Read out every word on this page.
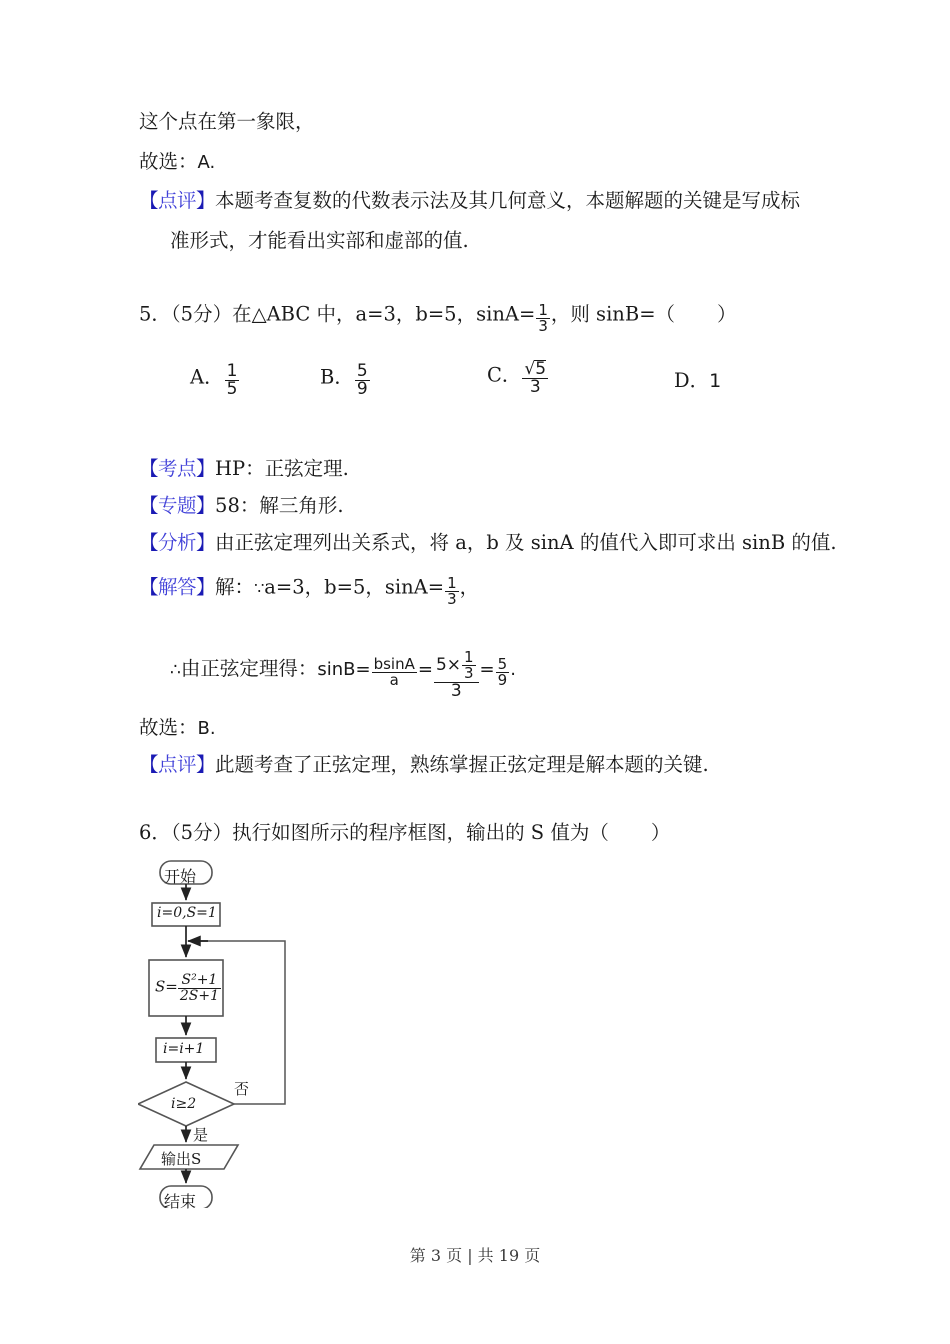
这个点在第一象限，
故选：A.
【点评】本题考查复数的代数表示法及其几何意义，本题解题的关键是写成标
准形式，才能看出实部和虚部的值.
5．（5分）在△ABC 中，a=3，b=5，$\sin A= \frac{1}{3}$ ，则 sinB=（ ）
A． $\frac{1}{5}$	B． $\frac{5}{9}$	C． $\frac{√5}{3}$	D．1
【考点】HP：正弦定理.
【专题】58：解三角形.
【分析】由正弦定理列出关系式，将 a，b 及 sinA 的值代入即可求出 sinB 的值.
【解答】解：∵a=3，b=5，$\sin A= \frac{1}{3}$ ，
∴由正弦定理得：$\sin B= \frac{bsinA}{a} = \frac{5\times \frac{1}{3}}{3} = \frac{5}{9}$ .
故选：B.
【点评】此题考查了正弦定理，熟练掌握正弦定理是解本题的关键.
6．（5分）执行如图所示的程序框图，输出的 S 值为（ ）
开始
i=0,S=1
$S= \frac{\text{S²+1}}{2S+1}$
i=i+1
i≥2
否
是
输出S
结束
第 3 页 | 共 19 页
